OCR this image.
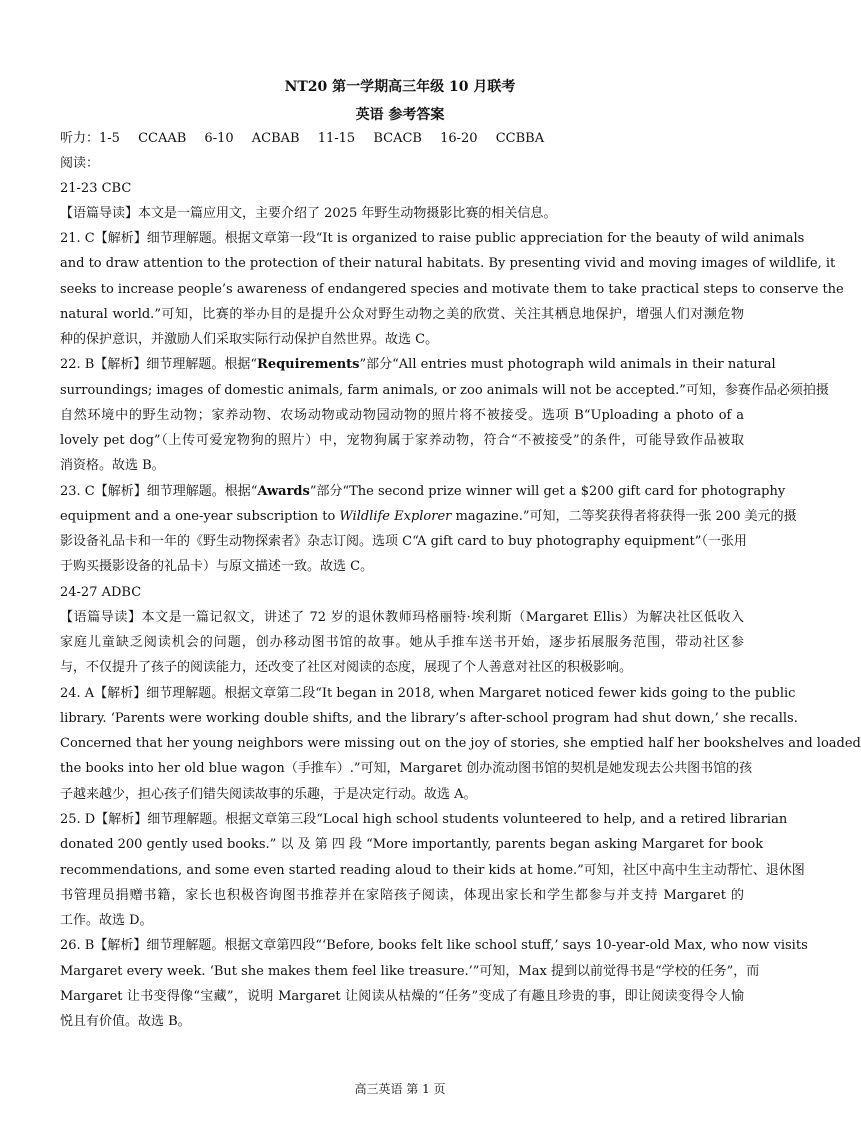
NT20 第一学期高三年级 10 月联考
英语 参考答案
听力：1-5 CCAAB 6-10 ACBAB 11-15 BCACB 16-20 CCBBA
阅读：
21-23 CBC
【语篇导读】本文是一篇应用文，主要介绍了 2025 年野生动物摄影比赛的相关信息。
21. C【解析】细节理解题。根据文章第一段“It is organized to raise public appreciation for the beauty of wild animals
and to draw attention to the protection of their natural habitats. By presenting vivid and moving images of wildlife, it
seeks to increase people’s awareness of endangered species and motivate them to take practical steps to conserve the
natural world.”可知，比赛的举办目的是提升公众对野生动物之美的欣赏、关注其栖息地保护，增强人们对濒危物
种的保护意识，并激励人们采取实际行动保护自然世界。故选 C。
22. B【解析】细节理解题。根据“Requirements”部分“All entries must photograph wild animals in their natural
surroundings; images of domestic animals, farm animals, or zoo animals will not be accepted.”可知，参赛作品必须拍摄
自然环境中的野生动物；家养动物、农场动物或动物园动物的照片将不被接受。选项 B“Uploading a photo of a
lovely pet dog”（上传可爱宠物狗的照片）中，宠物狗属于家养动物，符合“不被接受”的条件，可能导致作品被取
消资格。故选 B。
23. C【解析】细节理解题。根据“Awards”部分“The second prize winner will get a $200 gift card for photography
equipment and a one-year subscription to Wildlife Explorer magazine.”可知，二等奖获得者将获得一张 200 美元的摄
影设备礼品卡和一年的《野生动物探索者》杂志订阅。选项 C“A gift card to buy photography equipment”（一张用
于购买摄影设备的礼品卡）与原文描述一致。故选 C。
24-27 ADBC
【语篇导读】本文是一篇记叙文，讲述了 72 岁的退休教师玛格丽特·埃利斯（Margaret Ellis）为解决社区低收入
家庭儿童缺乏阅读机会的问题，创办移动图书馆的故事。她从手推车送书开始，逐步拓展服务范围，带动社区参
与，不仅提升了孩子的阅读能力，还改变了社区对阅读的态度，展现了个人善意对社区的积极影响。
24. A【解析】细节理解题。根据文章第二段“It began in 2018, when Margaret noticed fewer kids going to the public
library. ‘Parents were working double shifts, and the library’s after-school program had shut down,’ she recalls.
Concerned that her young neighbors were missing out on the joy of stories, she emptied half her bookshelves and loaded
the books into her old blue wagon（手推车）.”可知，Margaret 创办流动图书馆的契机是她发现去公共图书馆的孩
子越来越少，担心孩子们错失阅读故事的乐趣，于是决定行动。故选 A。
25. D【解析】细节理解题。根据文章第三段“Local high school students volunteered to help, and a retired librarian
donated 200 gently used books.” 以 及 第 四 段 “More importantly, parents began asking Margaret for book
recommendations, and some even started reading aloud to their kids at home.”可知，社区中高中生主动帮忙、退休图
书管理员捐赠书籍，家长也积极咨询图书推荐并在家陪孩子阅读，体现出家长和学生都参与并支持 Margaret 的
工作。故选 D。
26. B【解析】细节理解题。根据文章第四段“‘Before, books felt like school stuff,’ says 10-year-old Max, who now visits
Margaret every week. ‘But she makes them feel like treasure.’”可知，Max 提到以前觉得书是“学校的任务”，而
Margaret 让书变得像“宝藏”，说明 Margaret 让阅读从枯燥的“任务”变成了有趣且珍贵的事，即让阅读变得令人愉
悦且有价值。故选 B。
高三英语 第 1 页
